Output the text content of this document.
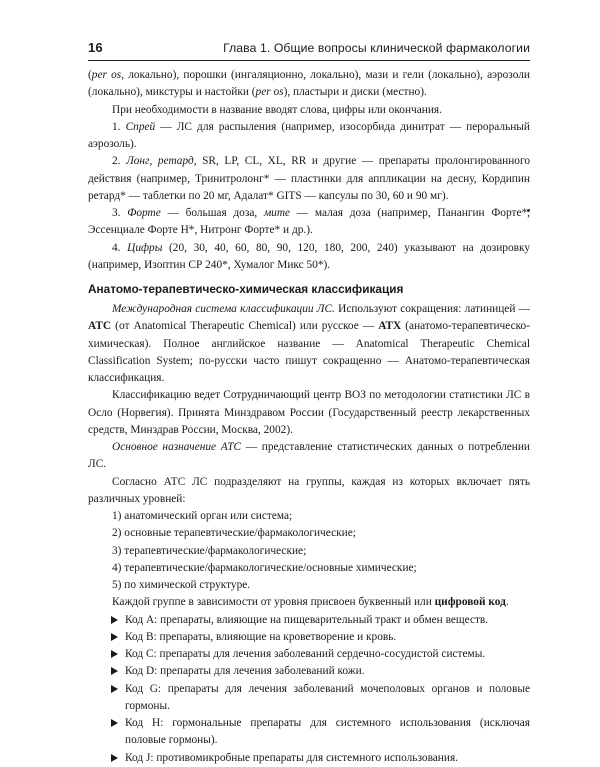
16	Глава 1. Общие вопросы клинической фармакологии

(per os, локально), порошки (ингаляционно, локально), мази и гели (локально), аэрозоли (локально), микстуры и настойки (per os), пластыри и диски (местно).

При необходимости в название вводят слова, цифры или окончания.

1. Спрей — ЛС для распыления (например, изосорбида динитрат — пероральный аэрозоль).

2. Лонг, ретард, SR, LP, CL, XL, RR и другие — препараты пролонгированного действия (например, Тринитролонг* — пластинки для аппликации на десну, Кордипин ретард* — таблетки по 20 мг, Адалат* GITS — капсулы по 30, 60 и 90 мг).

3. Форте — большая доза, мите — малая доза (например, Панангин Форте*, Эссенциале Форте Н*, Нитронг Форте* и др.).

4. Цифры (20, 30, 40, 60, 80, 90, 120, 180, 200, 240) указывают на дозировку (например, Изоптин СР 240*, Хумалог Микс 50*).

Анатомо-терапевтическо-химическая классификация

Международная система классификации ЛС. Используют сокращения: латиницей — ATC (от Anatomical Therapeutic Chemical) или русское — АТХ (анатомо-терапевтическо-химическая). Полное английское название — Anatomical Therapeutic Chemical Classification System; по-русски часто пишут сокращенно — Анатомо-терапевтическая классификация.

Классификацию ведет Сотрудничающий центр ВОЗ по методологии статистики ЛС в Осло (Норвегия). Принята Минздравом России (Государственный реестр лекарственных средств, Минздрав России, Москва, 2002).

Основное назначение АТС — представление статистических данных о потреблении ЛС.

Согласно АТС ЛС подразделяют на группы, каждая из которых включает пять различных уровней:

1) анатомический орган или система;
2) основные терапевтические/фармакологические;
3) терапевтические/фармакологические;
4) терапевтические/фармакологические/основные химические;
5) по химической структуре.

Каждой группе в зависимости от уровня присвоен буквенный или цифровой код.

Код А: препараты, влияющие на пищеварительный тракт и обмен веществ.
Код B: препараты, влияющие на кроветворение и кровь.
Код C: препараты для лечения заболеваний сердечно-сосудистой системы.
Код D: препараты для лечения заболеваний кожи.
Код G: препараты для лечения заболеваний мочеполовых органов и половые гормоны.
Код H: гормональные препараты для системного использования (исключая половые гормоны).
Код J: противомикробные препараты для системного использования.
